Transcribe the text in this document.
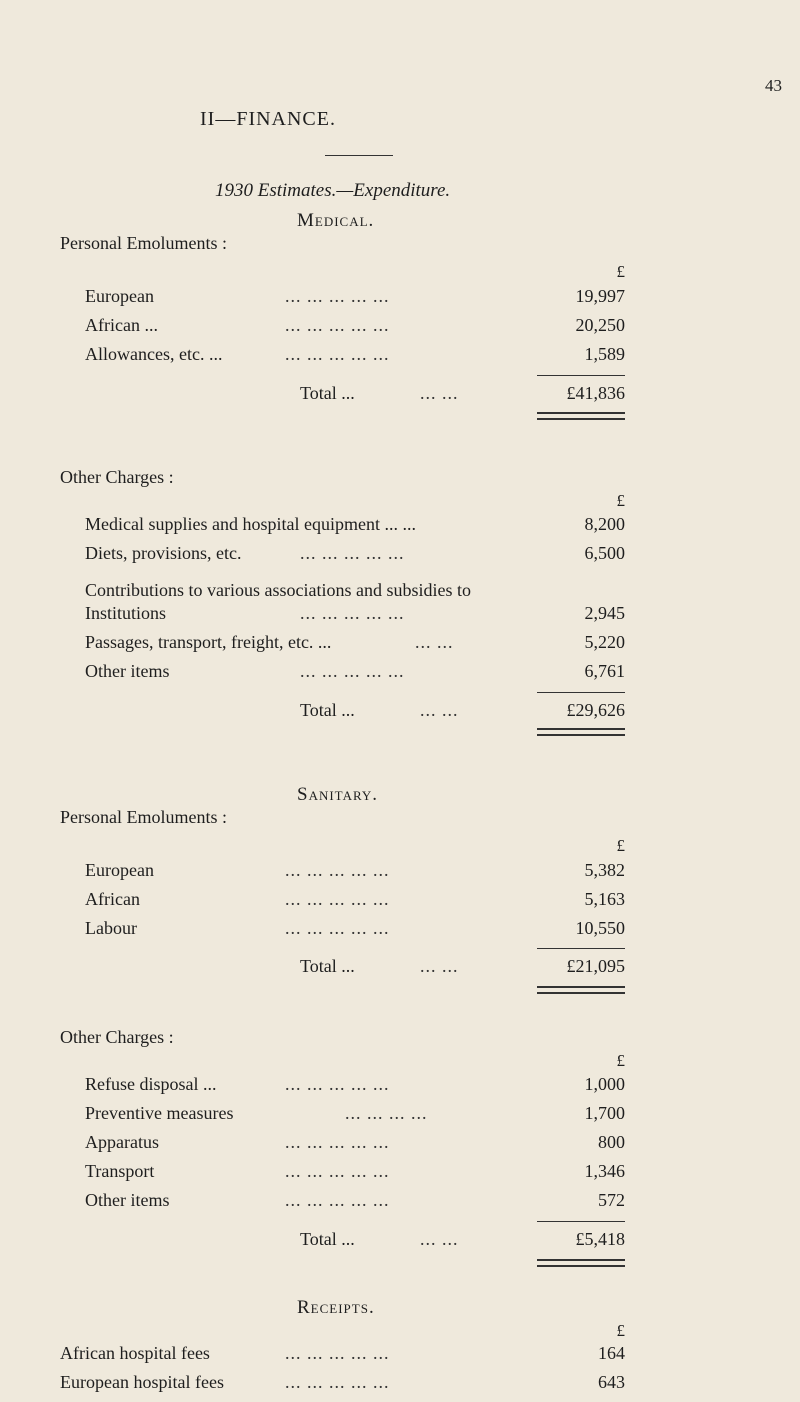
43
II—FINANCE.
1930 Estimates.—Expenditure.
Medical.
Personal Emoluments :
£
European	... ... ... ... ...	19,997
African ...	... ... ... ... ...	20,250
Allowances, etc. ...	... ... ... ... ...	1,589
Total ...	... ...	£41,836
Other Charges :
£
Medical supplies and hospital equipment ... ...	8,200
Diets, provisions, etc.	... ... ... ... ...	6,500
Contributions to various associations and subsidies to
Institutions	... ... ... ... ...	2,945
Passages, transport, freight, etc. ...	... ...	5,220
Other items	... ... ... ... ...	6,761
Total ...	... ...	£29,626
Sanitary.
Personal Emoluments :
£
European	... ... ... ... ...	5,382
African	... ... ... ... ...	5,163
Labour	... ... ... ... ...	10,550
Total ...	... ...	£21,095
Other Charges :
£
Refuse disposal ...	... ... ... ... ...	1,000
Preventive measures	... ... ... ...	1,700
Apparatus	... ... ... ... ...	800
Transport	... ... ... ... ...	1,346
Other items	... ... ... ... ...	572
Total ...	... ...	£5,418
Receipts.
£
African hospital fees	... ... ... ... ...	164
European hospital fees	... ... ... ... ...	643
